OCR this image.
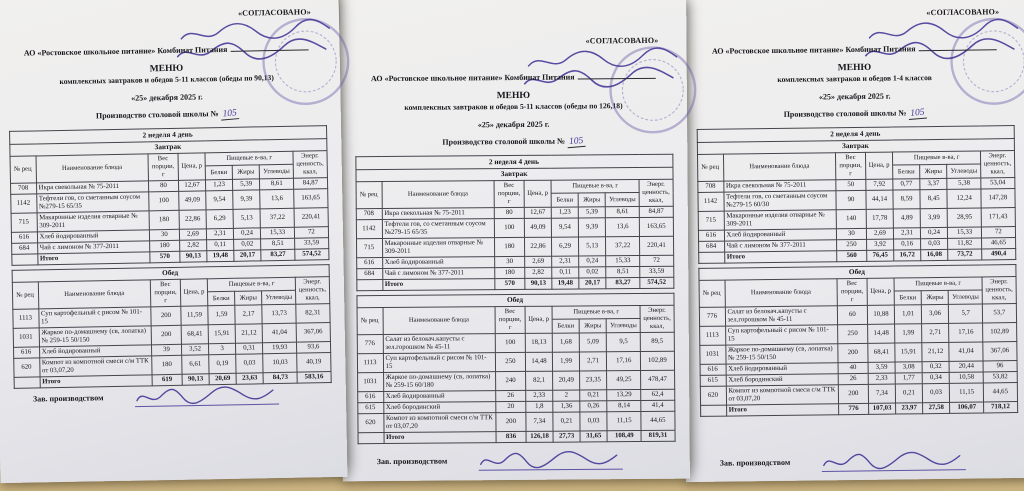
«СОГЛАСОВАНО»
АО «Ростовское школьное питание» Комбинат Питания
МЕНЮ
комплексных завтраков и обедов 5-11 классов (обеды по 90,13)
«25» декабря 2025 г.
Производство столовой школы № 105
2 неделя 4 день							
Завтрак							
№ рец	Наименование блюда	Вес порции, г	Цена, р	Пищевые в-ва, г			Энерг. ценность, ккал,
				Белки	Жиры	Углеводы	
708	Икра свекольная № 75-2011	80	12,67	1,23	5,39	8,61	84,87
1142	Тефтели гов, со сметанным соусом №279-15 65/35	100	49,09	9,54	9,39	13,6	163,65
715	Макаронные изделия отварные № 309-2011	180	22,86	6,29	5,13	37,22	220,41
616	Хлеб йодированный	30	2,69	2,31	0,24	15,33	72
684	Чай с лимоном № 377-2011	180	2,82	0,11	0,02	8,51	33,59
	Итого	570	90,13	19,48	20,17	83,27	574,52
Обед							
№ рец	Наименование блюда	Вес порции, г	Цена, р	Пищевые в-ва, г			Энерг. ценность, ккал,
				Белки	Жиры	Углеводы	
1113	Суп картофельный с рисом № 101-15	200	11,59	1,59	2,17	13,73	82,31
1031	Жаркое по-домашнему (св, лопатка) № 259-15 50/150	200	68,41	15,91	21,12	41,04	367,06
616	Хлеб йодированный	39	3,52	3	0,31	19,93	93,6
620	Компот из компотной смеси с/м ТТК от 03,07,20	180	6,61	0,19	0,03	10,03	40,19
	Итого	619	90,13	20,69	23,63	84,73	583,16
Зав. производством
«СОГЛАСОВАНО»
АО «Ростовское школьное питание» Комбинат Питания
МЕНЮ
комплексных завтраков и обедов 5-11 классов (обеды по 126,18)
«25» декабря 2025 г.
Производство столовой школы № 105
2 неделя 4 день							
Завтрак							
№ рец	Наименование блюда	Вес порции, г	Цена, р	Пищевые в-ва, г			Энерг. ценность, ккал,
				Белки	Жиры	Углеводы	
708	Икра свекольная № 75-2011	80	12,67	1,23	5,39	8,61	84,87
1142	Тефтели гов, со сметанным соусом №279-15 65/35	100	49,09	9,54	9,39	13,6	163,65
715	Макаронные изделия отварные № 309-2011	180	22,86	6,29	5,13	37,22	220,41
616	Хлеб йодированный	30	2,69	2,31	0,24	15,33	72
684	Чай с лимоном № 377-2011	180	2,82	0,11	0,02	8,51	33,59
	Итого	570	90,13	19,48	20,17	83,27	574,52
Обед							
№ рец	Наименование блюда	Вес порции, г	Цена, р	Пищевые в-ва, г			Энерг. ценность, ккал,
				Белки	Жиры	Углеводы	
776	Салат из белокач.капусты с зел.горошком № 45-11	100	18,13	1,68	5,09	9,5	89,5
1113	Суп картофельный с рисом № 101-15	250	14,48	1,99	2,71	17,16	102,89
1031	Жаркое по-домашнему (св, лопатка) № 259-15 60/180	240	82,1	20,49	23,35	49,25	478,47
616	Хлеб йодированный	26	2,33	2	0,21	13,29	62,4
615	Хлеб бородинский	20	1,8	1,36	0,26	8,14	41,4
620	Компот из компотной смеси с/м ТТК от 03,07,20	200	7,34	0,21	0,03	11,15	44,65
	Итого	836	126,18	27,73	31,65	108,49	819,31
Зав. производством
«СОГЛАСОВАНО»
АО «Ростовское школьное питание» Комбинат Питания
МЕНЮ
комплексных завтраков и обедов 1-4 классов
«25» декабря 2025 г.
Производство столовой школы № 105
2 неделя 4 день							
Завтрак							
№ рец	Наименование блюда	Вес порции, г	Цена, р	Пищевые в-ва, г			Энерг. ценность, ккал,
				Белки	Жиры	Углеводы	
708	Икра свекольная № 75-2011	50	7,92	0,77	3,37	5,38	53,04
1142	Тефтели гов, со сметанным соусом №279-15 60/30	90	44,14	8,59	8,45	12,24	147,28
715	Макаронные изделия отварные № 309-2011	140	17,78	4,89	3,99	28,95	171,43
616	Хлеб йодированный	30	2,69	2,31	0,24	15,33	72
684	Чай с лимоном № 377-2011	250	3,92	0,16	0,03	11,82	46,65
	Итого	560	76,45	16,72	16,08	73,72	490,4
Обед							
№ рец	Наименование блюда	Вес порции, г	Цена, р	Пищевые в-ва, г			Энерг. ценность, ккал,
				Белки	Жиры	Углеводы	
776	Салат из белокач.капусты с зел.горошком № 45-11	60	10,88	1,01	3,06	5,7	53,7
1113	Суп картофельный с рисом № 101-15	250	14,48	1,99	2,71	17,16	102,89
1031	Жаркое по-домашнему (св, лопатка) № 259-15 50/150	200	68,41	15,91	21,12	41,04	367,06
616	Хлеб йодированный	40	3,59	3,08	0,32	20,44	96
615	Хлеб бородинский	26	2,33	1,77	0,34	10,58	53,82
620	Компот из компотной смеси с/м ТТК от 03,07,20	200	7,34	0,21	0,03	11,15	44,65
	Итого	776	107,03	23,97	27,58	106,07	718,12
Зав. производством
